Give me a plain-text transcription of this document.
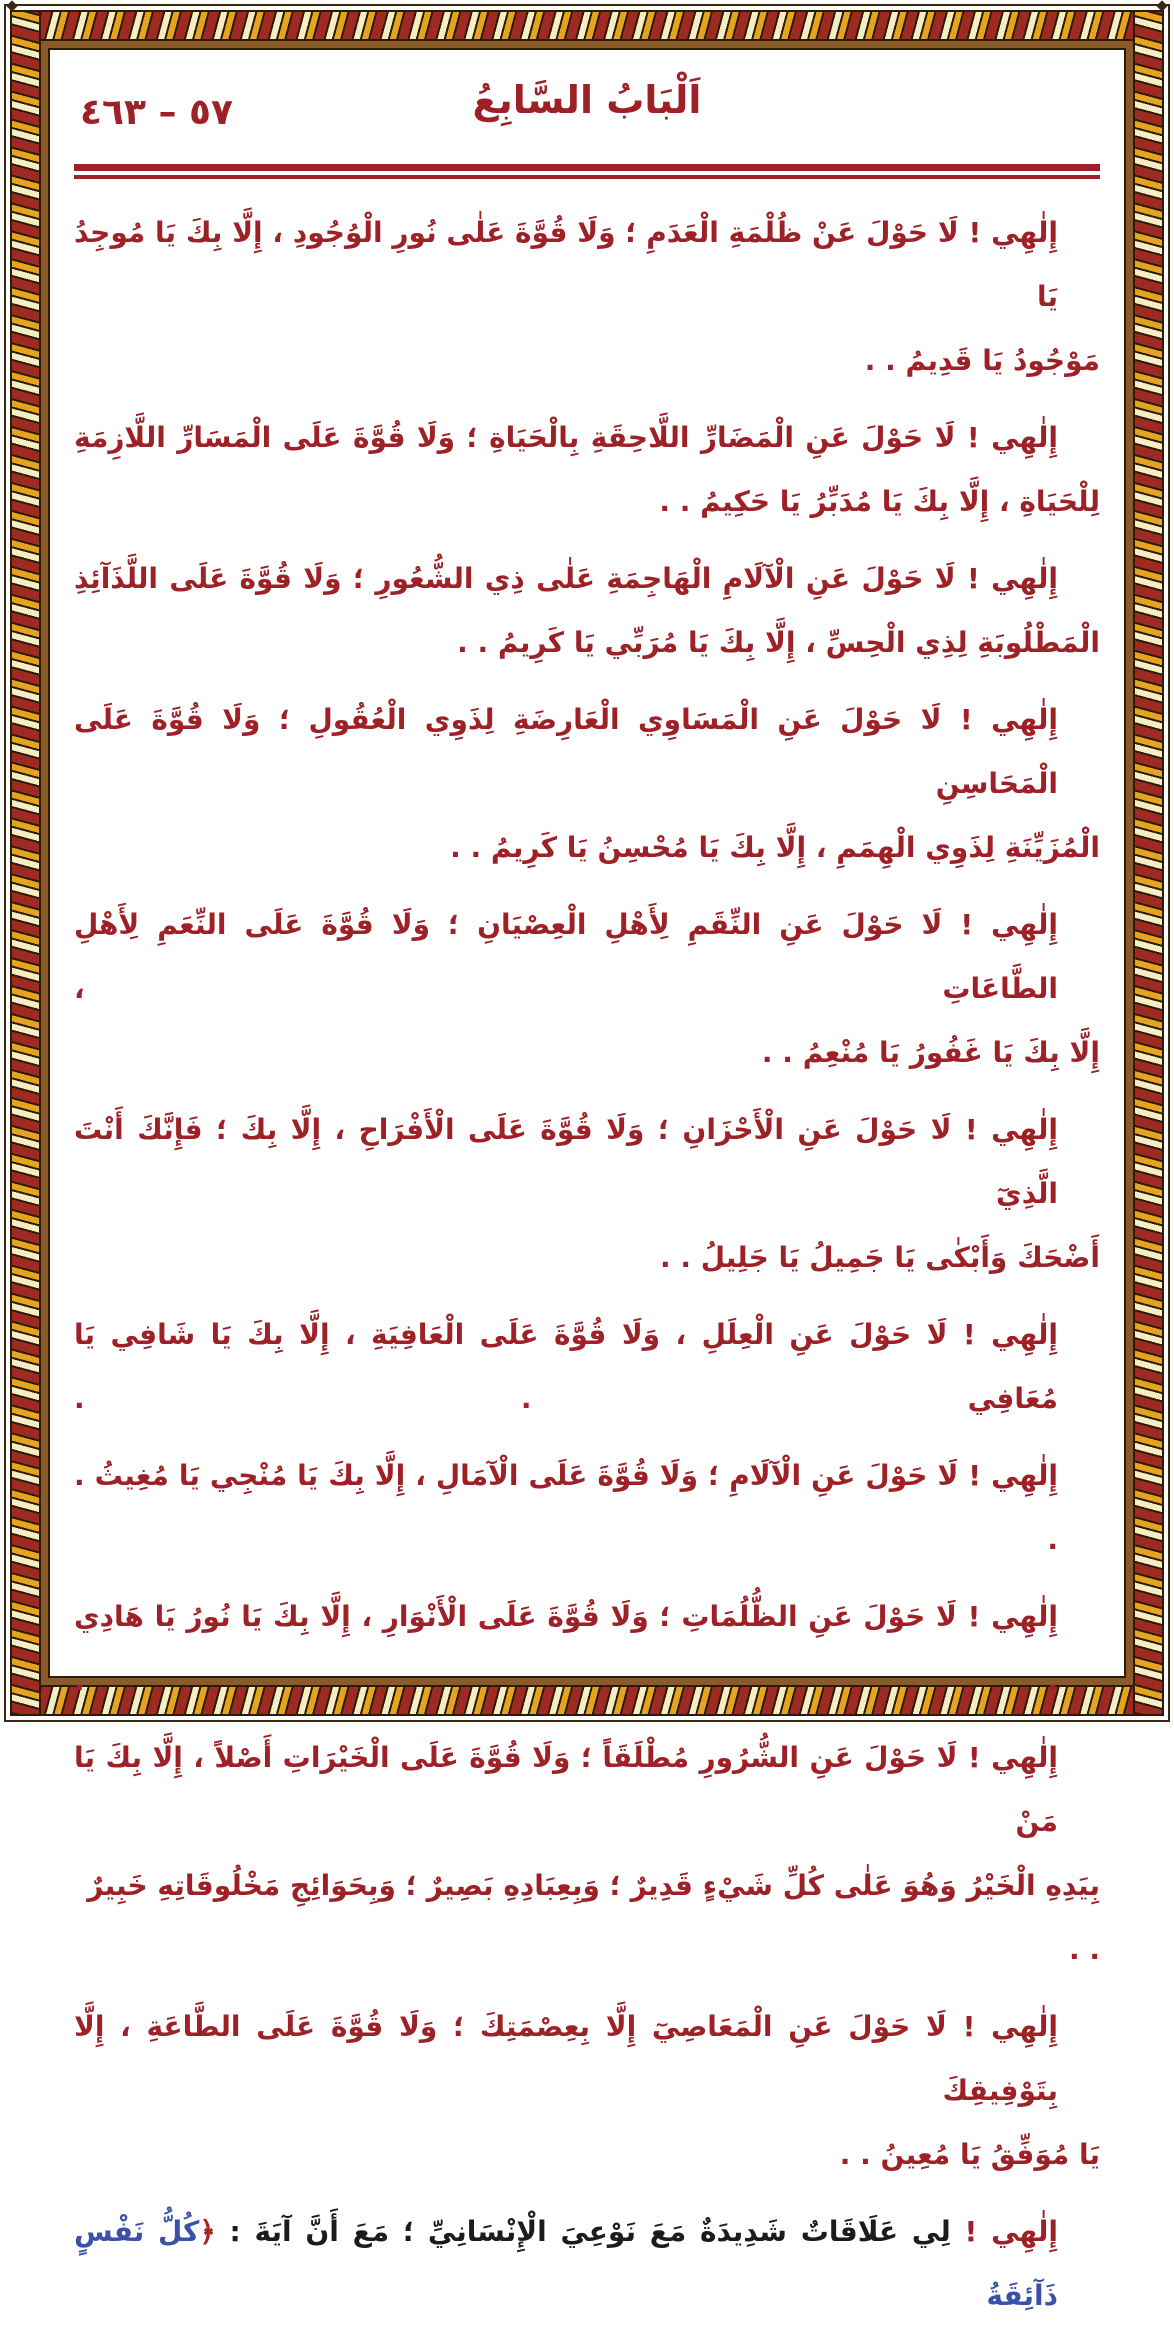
٥٧ – ٤٦٣	اَلْبَابُ السَّابِعُ
إِلٰهِي ! لَا حَوْلَ عَنْ ظُلْمَةِ الْعَدَمِ ؛ وَلَا قُوَّةَ عَلٰى نُورِ الْوُجُودِ ، إِلَّا بِكَ يَا مُوجِدُ يَا
مَوْجُودُ يَا قَدِيمُ . .
إِلٰهِي ! لَا حَوْلَ عَنِ الْمَضَارِّ اللَّاحِقَةِ بِالْحَيَاةِ ؛ وَلَا قُوَّةَ عَلَى الْمَسَارِّ اللَّازِمَةِ
لِلْحَيَاةِ ، إِلَّا بِكَ يَا مُدَبِّرُ يَا حَكِيمُ . .
إِلٰهِي ! لَا حَوْلَ عَنِ الْآلَامِ الْهَاجِمَةِ عَلٰى ذِي الشُّعُورِ ؛ وَلَا قُوَّةَ عَلَى اللَّذَآئِذِ
الْمَطْلُوبَةِ لِذِي الْحِسِّ ، إِلَّا بِكَ يَا مُرَبِّي يَا كَرِيمُ . .
إِلٰهِي ! لَا حَوْلَ عَنِ الْمَسَاوِي الْعَارِضَةِ لِذَوِي الْعُقُولِ ؛ وَلَا قُوَّةَ عَلَى الْمَحَاسِنِ
الْمُزَيِّنَةِ لِذَوِي الْهِمَمِ ، إِلَّا بِكَ يَا مُحْسِنُ يَا كَرِيمُ . .
إِلٰهِي ! لَا حَوْلَ عَنِ النِّقَمِ لِأَهْلِ الْعِصْيَانِ ؛ وَلَا قُوَّةَ عَلَى النِّعَمِ لِأَهْلِ الطَّاعَاتِ ،
إِلَّا بِكَ يَا غَفُورُ يَا مُنْعِمُ . .
إِلٰهِي ! لَا حَوْلَ عَنِ الْأَحْزَانِ ؛ وَلَا قُوَّةَ عَلَى الْأَفْرَاحِ ، إِلَّا بِكَ ؛ فَإِنَّكَ أَنْتَ الَّذِيٓ
أَضْحَكَ وَأَبْكٰى يَا جَمِيلُ يَا جَلِيلُ . .
إِلٰهِي ! لَا حَوْلَ عَنِ الْعِلَلِ ، وَلَا قُوَّةَ عَلَى الْعَافِيَةِ ، إِلَّا بِكَ يَا شَافِي يَا مُعَافِي . .
إِلٰهِي ! لَا حَوْلَ عَنِ الْآلَامِ ؛ وَلَا قُوَّةَ عَلَى الْآمَالِ ، إِلَّا بِكَ يَا مُنْجِي يَا مُغِيثُ . .
إِلٰهِي ! لَا حَوْلَ عَنِ الظُّلُمَاتِ ؛ وَلَا قُوَّةَ عَلَى الْأَنْوَارِ ، إِلَّا بِكَ يَا نُورُ يَا هَادِي . .
إِلٰهِي ! لَا حَوْلَ عَنِ الشُّرُورِ مُطْلَقَاً ؛ وَلَا قُوَّةَ عَلَى الْخَيْرَاتِ أَصْلاً ، إِلَّا بِكَ يَا مَنْ
بِيَدِهِ الْخَيْرُ وَهُوَ عَلٰى كُلِّ شَيْءٍ قَدِيرٌ ؛ وَبِعِبَادِهِ بَصِيرٌ ؛ وَبِحَوَائِجِ مَخْلُوقَاتِهِ خَبِيرٌ . .
إِلٰهِي ! لَا حَوْلَ عَنِ الْمَعَاصِيٓ إِلَّا بِعِصْمَتِكَ ؛ وَلَا قُوَّةَ عَلَى الطَّاعَةِ ، إِلَّا بِتَوْفِيقِكَ
يَا مُوَفِّقُ يَا مُعِينُ . .
إِلٰهِي ! لِي عَلَاقَاتٌ شَدِيدَةٌ مَعَ نَوْعِيَ الْإِنْسَانِيِّ ؛ مَعَ أَنَّ آيَةَ : ﴿كُلُّ نَفْسٍ ذَآئِقَةُ
